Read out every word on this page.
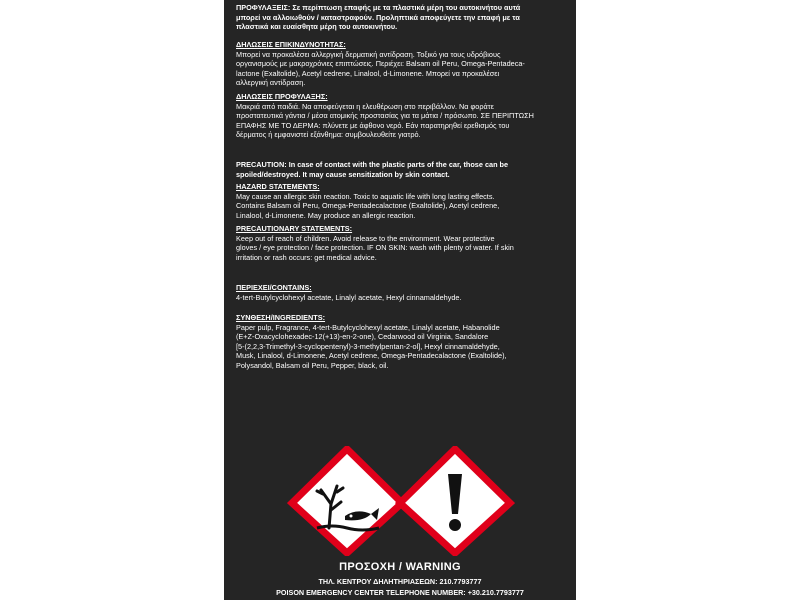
ΠΡΟΦΥΛΑΞΕΙΣ: Σε περίπτωση επαφής με τα πλαστικά μέρη του αυτοκινήτου αυτά
μπορεί να αλλοιωθούν / καταστραφούν. Προληπτικά αποφεύγετε την επαφή με τα
πλαστικά και ευαίσθητα μέρη του αυτοκινήτου.
ΔΗΛΩΣΕΙΣ ΕΠΙΚΙΝΔΥΝΟΤΗΤΑΣ:
Μπορεί να προκαλέσει αλλεργική δερματική αντίδραση. Τοξικό για τους υδρόβιους
οργανισμούς με μακροχρόνιες επιπτώσεις. Περιέχει: Balsam oil Peru, Omega-Pentadeca-
lactone (Exaltolide), Acetyl cedrene, Linalool, d-Limonene. Μπορεί να προκαλέσει
αλλεργική αντίδραση.
ΔΗΛΩΣΕΙΣ ΠΡΟΦΥΛΑΞΗΣ:
Μακριά από παιδιά. Να αποφεύγεται η ελευθέρωση στο περιβάλλον. Να φοράτε
προστατευτικά γάντια / μέσα ατομικής προστασίας για τα μάτια / πρόσωπο. ΣΕ ΠΕΡΙΠΤΩΣΗ
ΕΠΑΦΗΣ ΜΕ ΤΟ ΔΕΡΜΑ: πλύνετε με άφθονο νερό. Εάν παρατηρηθεί ερεθισμός του
δέρματος ή εμφανιστεί εξάνθημα: συμβουλευθείτε γιατρό.
PRECAUTION: In case of contact with the plastic parts of the car, those can be
spoiled/destroyed. It may cause sensitization by skin contact.
HAZARD STATEMENTS:
May cause an allergic skin reaction. Toxic to aquatic life with long lasting effects.
Contains Balsam oil Peru, Omega-Pentadecalactone (Exaltolide), Acetyl cedrene,
Linalool, d-Limonene. May produce an allergic reaction.
PRECAUTIONARY STATEMENTS:
Keep out of reach of children. Avoid release to the environment. Wear protective
gloves / eye protection / face protection. IF ON SKIN: wash with plenty of water. If skin
irritation or rash occurs: get medical advice.
ΠΕΡΙΕΧΕΙ/CONTAINS:
4-tert-Butylcyclohexyl acetate, Linalyl acetate, Hexyl cinnamaldehyde.
ΣΥΝΘΕΣΗ/INGREDIENTS:
Paper pulp, Fragrance, 4-tert-Butylcyclohexyl acetate, Linalyl acetate, Habanolide
(E+Z-Oxacyclohexadec-12(+13)-en-2-one), Cedarwood oil Virginia, Sandalore
[5-(2,2,3-Trimethyl-3-cyclopentenyl)-3-methylpentan-2-ol], Hexyl cinnamaldehyde,
Musk, Linalool, d-Limonene, Acetyl cedrene, Omega-Pentadecalactone (Exaltolide),
Polysandol, Balsam oil Peru, Pepper, black, oil.
ΠΡΟΣΟΧΗ / WARNING
ΤΗΛ. ΚΕΝΤΡΟΥ ΔΗΛΗΤΗΡΙΑΣΕΩΝ: 210.7793777
POISON EMERGENCY CENTER TELEPHONE NUMBER: +30.210.7793777
